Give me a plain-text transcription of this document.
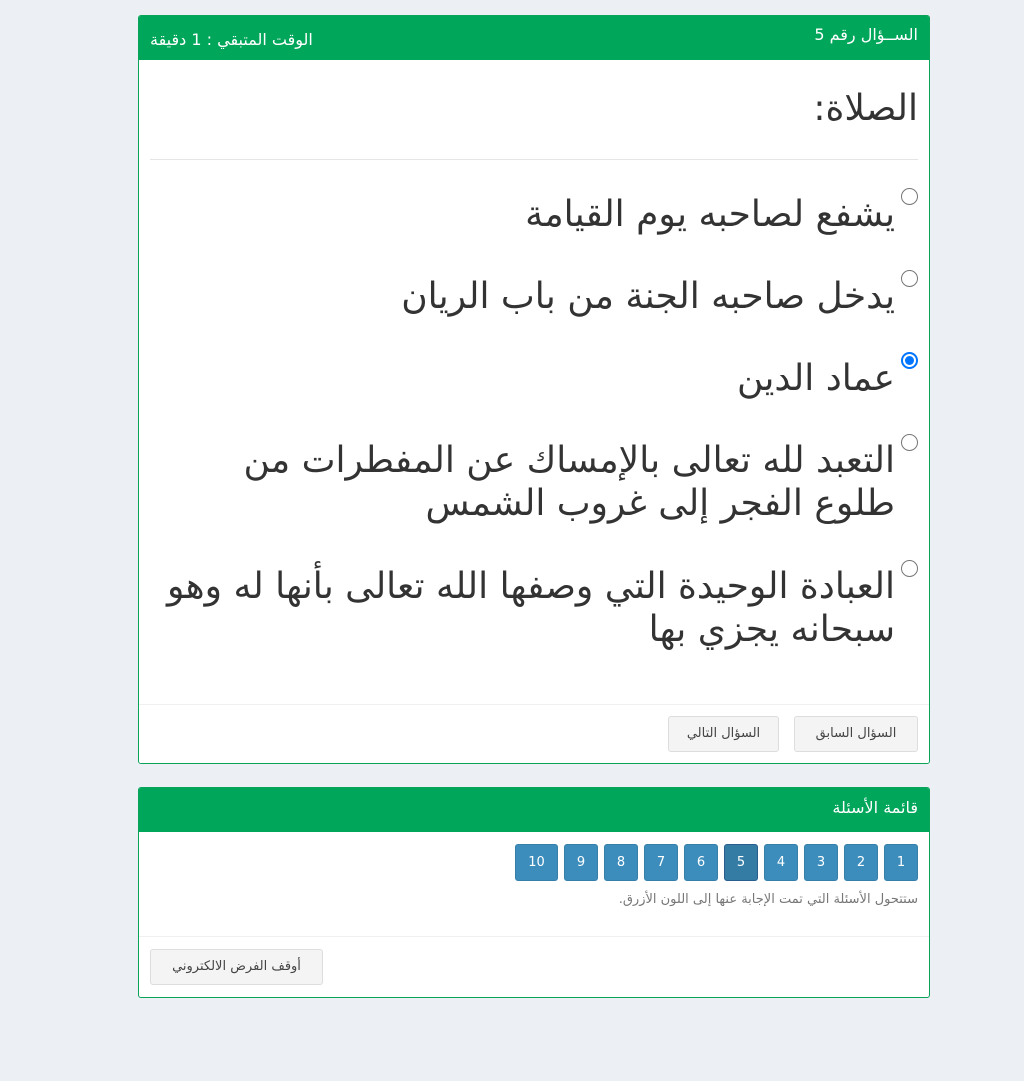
الســؤال رقم 5
الوقت المتبقي : 1 دقيقة
الصلاة:
يشفع لصاحبه يوم القيامة
يدخل صاحبه الجنة من باب الريان
عماد الدين
التعبد لله تعالى بالإمساك عن المفطرات من طلوع الفجر إلى غروب الشمس
العبادة الوحيدة التي وصفها الله تعالى بأنها له وهو سبحانه يجزي بها
السؤال السابق
السؤال التالي
قائمة الأسئلة
1
2
3
4
5
6
7
8
9
10
ستتحول الأسئلة التي تمت الإجابة عنها إلى اللون الأزرق.
أوقف الفرض الالكتروني
